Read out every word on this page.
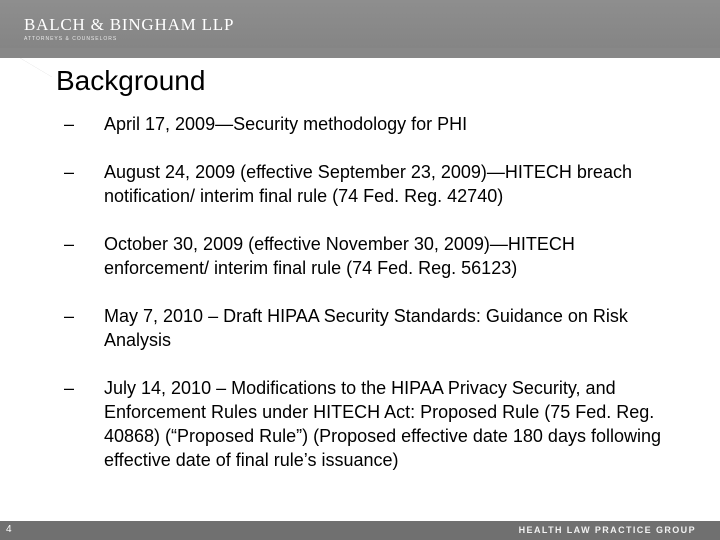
BALCH & BINGHAM LLP
ATTORNEYS & COUNSELORS
Background
– April 17, 2009—Security methodology for PHI
– August 24, 2009 (effective September 23, 2009)—HITECH breach notification/ interim final rule (74 Fed. Reg. 42740)
– October 30, 2009 (effective November 30, 2009)—HITECH enforcement/ interim final rule (74 Fed. Reg. 56123)
– May 7, 2010 – Draft HIPAA Security Standards: Guidance on Risk Analysis
– July 14, 2010 – Modifications to the HIPAA Privacy Security, and Enforcement Rules under HITECH Act: Proposed Rule (75 Fed. Reg. 40868) (“Proposed Rule”) (Proposed effective date 180 days following effective date of final rule’s issuance)
4	HEALTH LAW PRACTICE GROUP
